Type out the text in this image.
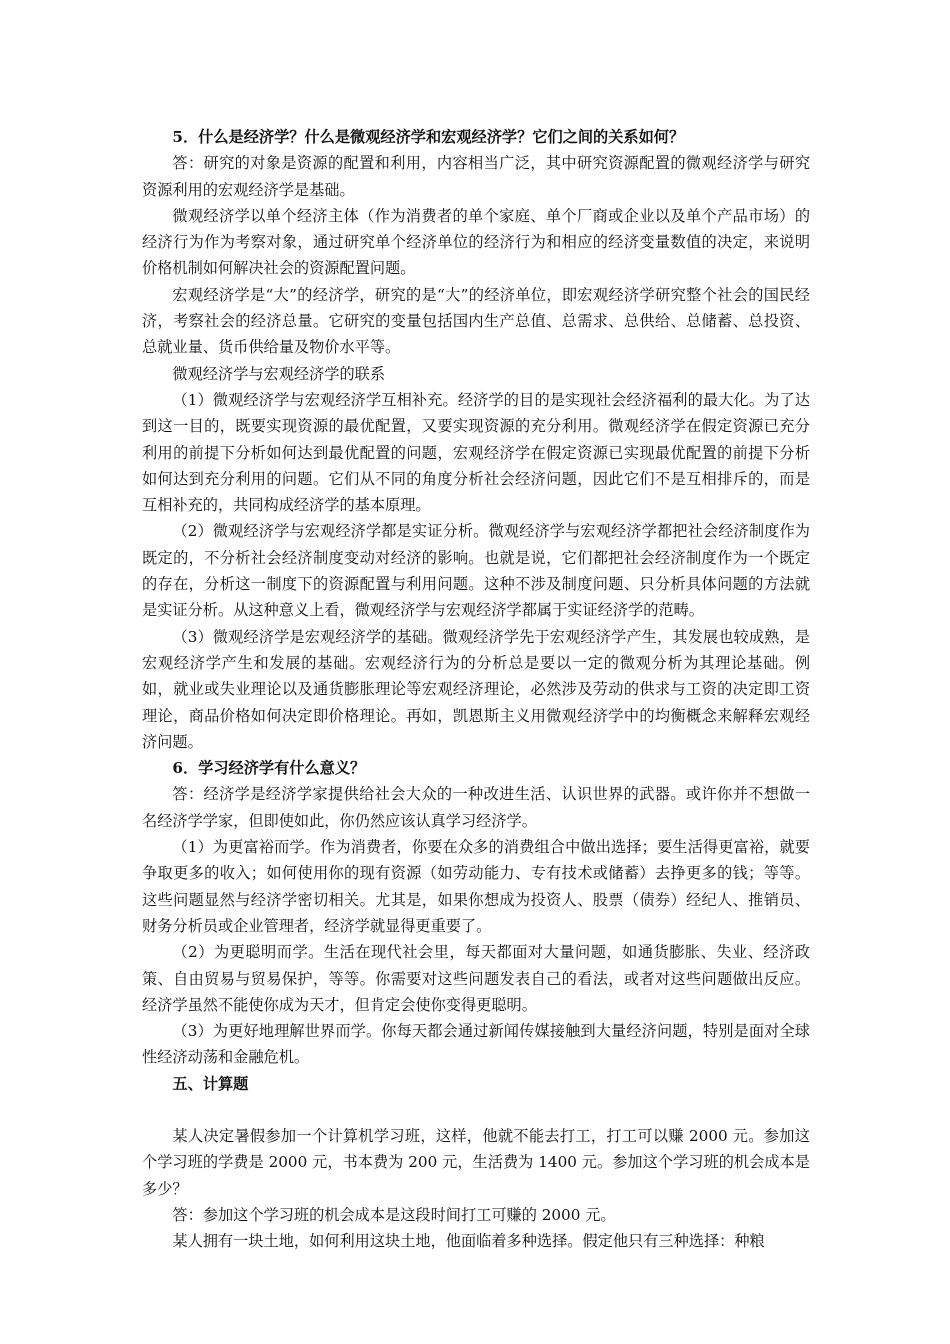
5．什么是经济学？什么是微观经济学和宏观经济学？它们之间的关系如何？

答：研究的对象是资源的配置和利用，内容相当广泛，其中研究资源配置的微观经济学与研究资源利用的宏观经济学是基础。

微观经济学以单个经济主体（作为消费者的单个家庭、单个厂商或企业以及单个产品市场）的经济行为作为考察对象，通过研究单个经济单位的经济行为和相应的经济变量数值的决定，来说明价格机制如何解决社会的资源配置问题。

宏观经济学是“大”的经济学，研究的是“大”的经济单位，即宏观经济学研究整个社会的国民经济，考察社会的经济总量。它研究的变量包括国内生产总值、总需求、总供给、总储蓄、总投资、总就业量、货币供给量及物价水平等。

微观经济学与宏观经济学的联系

（1）微观经济学与宏观经济学互相补充。经济学的目的是实现社会经济福利的最大化。为了达到这一目的，既要实现资源的最优配置，又要实现资源的充分利用。微观经济学在假定资源已充分利用的前提下分析如何达到最优配置的问题，宏观经济学在假定资源已实现最优配置的前提下分析如何达到充分利用的问题。它们从不同的角度分析社会经济问题，因此它们不是互相排斥的，而是互相补充的，共同构成经济学的基本原理。

（2）微观经济学与宏观经济学都是实证分析。微观经济学与宏观经济学都把社会经济制度作为既定的，不分析社会经济制度变动对经济的影响。也就是说，它们都把社会经济制度作为一个既定的存在，分析这一制度下的资源配置与利用问题。这种不涉及制度问题、只分析具体问题的方法就是实证分析。从这种意义上看，微观经济学与宏观经济学都属于实证经济学的范畴。

（3）微观经济学是宏观经济学的基础。微观经济学先于宏观经济学产生，其发展也较成熟，是宏观经济学产生和发展的基础。宏观经济行为的分析总是要以一定的微观分析为其理论基础。例如，就业或失业理论以及通货膨胀理论等宏观经济理论，必然涉及劳动的供求与工资的决定即工资理论，商品价格如何决定即价格理论。再如，凯恩斯主义用微观经济学中的均衡概念来解释宏观经济问题。

6．学习经济学有什么意义？

答：经济学是经济学家提供给社会大众的一种改进生活、认识世界的武器。或许你并不想做一名经济学学家，但即使如此，你仍然应该认真学习经济学。

（1）为更富裕而学。作为消费者，你要在众多的消费组合中做出选择；要生活得更富裕，就要争取更多的收入；如何使用你的现有资源（如劳动能力、专有技术或储蓄）去挣更多的钱；等等。这些问题显然与经济学密切相关。尤其是，如果你想成为投资人、股票（债券）经纪人、推销员、财务分析员或企业管理者，经济学就显得更重要了。

（2）为更聪明而学。生活在现代社会里，每天都面对大量问题，如通货膨胀、失业、经济政策、自由贸易与贸易保护，等等。你需要对这些问题发表自己的看法，或者对这些问题做出反应。经济学虽然不能使你成为天才，但肯定会使你变得更聪明。

（3）为更好地理解世界而学。你每天都会通过新闻传媒接触到大量经济问题，特别是面对全球性经济动荡和金融危机。

五、计算题

某人决定暑假参加一个计算机学习班，这样，他就不能去打工，打工可以赚 2000 元。参加这个学习班的学费是 2000 元，书本费为 200 元，生活费为 1400 元。参加这个学习班的机会成本是多少？

答：参加这个学习班的机会成本是这段时间打工可赚的 2000 元。

某人拥有一块土地，如何利用这块土地，他面临着多种选择。假定他只有三种选择：种粮
